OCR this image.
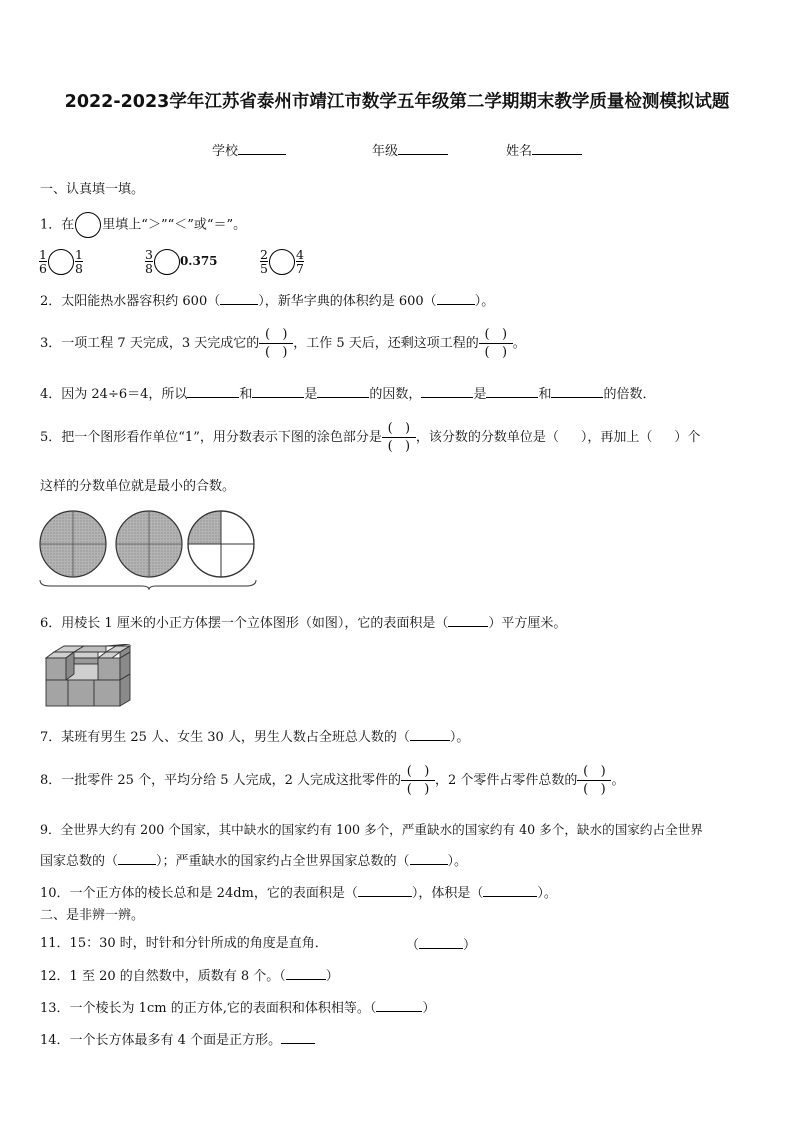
2022-2023学年江苏省泰州市靖江市数学五年级第二学期期末教学质量检测模拟试题
学校	年级	姓名
一、认真填一填。
1．在 里填上“＞”“＜”或“＝”。
$\frac{1}{6} \frac{1}{8}$	$\frac{3}{8} 0.375$	$\frac{2}{5} \frac{4}{7}$
2．太阳能热水器容积约 600（	），新华字典的体积约是 600（	）。
3．一项工程 7 天完成，3 天完成它的
(   )
(   )
，工作 5 天后，还剩这项工程的
(   )
(   )
。
4．因为 24÷6＝4，所以	和	是	的因数，	是	和	的倍数．
5．把一个图形看作单位“1”，用分数表示下图的涂色部分是
(   )
(   )
，该分数的分数单位是（ ），再加上（ ）个
这样的分数单位就是最小的合数。
6．用棱长 1 厘米的小正方体摆一个立体图形（如图），它的表面积是（	）平方厘米。
7．某班有男生 25 人、女生 30 人，男生人数占全班总人数的（	）。
8．一批零件 25 个，平均分给 5 人完成，2 人完成这批零件的
(   )
(   )
，2 个零件占零件总数的
(   )
(   )
。
9．全世界大约有 200 个国家，其中缺水的国家约有 100 多个，严重缺水的国家约有 40 多个，缺水的国家约占全世界
国家总数的（	）；严重缺水的国家约占全世界国家总数的（	）。
10．一个正方体的棱长总和是 24dm，它的表面积是（	），体积是（	）。
二、是非辨一辨。
11．15：30 时，时针和分针所成的角度是直角．	（	）
12．1 至 20 的自然数中，质数有 8 个。（	）
13．一个棱长为 1cm 的正方体,它的表面积和体积相等。（	）
14．一个长方体最多有 4 个面是正方形。
